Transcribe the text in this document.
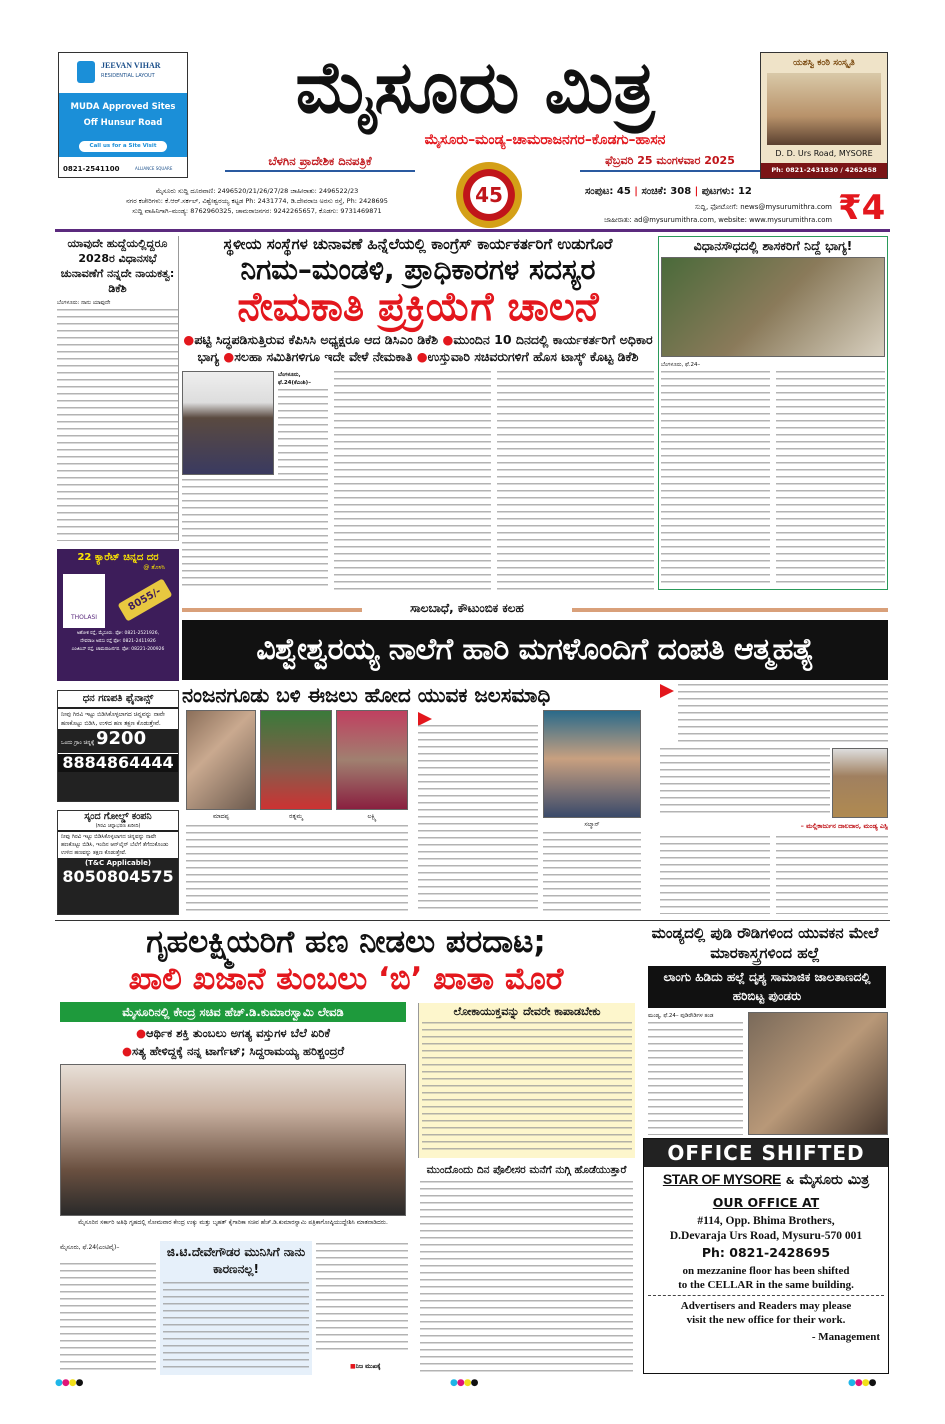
JEEVAN VIHAR
RESIDENTIAL LAYOUT
MUDA Approved Sites
Off Hunsur Road
Call us for a Site Visit
0821-2541100	ALLIANCE SQUARE
ಮೈಸೂರು ಮಿತ್ರ
ಮೈಸೂರು–ಮಂಡ್ಯ–ಚಾಮರಾಜನಗರ–ಕೊಡಗು–ಹಾಸನ
ಬೆಳಗಿನ ಪ್ರಾದೇಶಿಕ ದಿನಪತ್ರಿಕೆ	ಫೆಬ್ರವರಿ 25 ಮಂಗಳವಾರ 2025
45
ಯಶಸ್ವಿ ಕಂಠಿ ಸಂಸ್ಕೃತಿ
D. D. Urs Road, MYSORE
Ph: 0821-2431830 / 4262458
ಮೈಸೂರು ಸುದ್ದಿ ದೂರವಾಣಿ: 2496520/21/26/27/28 ಜಾಹೀರಾತು: 2496522/23
ನಗರ ಕಚೇರಿಗಳು: ಕೆ.ಆರ್.ಸರ್ಕಲ್, ವಿಶ್ವೇಶ್ವರಯ್ಯ ಕಟ್ಟಡ Ph: 2431774, ಡಿ.ದೇವರಾಜ ಅರಸು ರಸ್ತೆ, Ph: 2428695
ಸುದ್ದಿ ವಾಹಿನಿಗಾಗಿ–ಮಂಡ್ಯ: 8762960325, ಚಾಮರಾಜನಗರ: 9242265657, ಕೊಡಗು: 9731469871
ಸಂಪುಟ: 45 | ಸಂಚಿಕೆ: 308 | ಪುಟಗಳು: 12
ಸುದ್ದಿ, ಫೋಟೋಗೆ: news@mysurumithra.com
ಜಾಹೀರಾತು: ad@mysurumithra.com, website: www.mysurumithra.com ₹4
ಯಾವುದೇ ಹುದ್ದೆಯಲ್ಲಿದ್ದರೂ 2028ರ ವಿಧಾನಸಭೆ ಚುನಾವಣೆಗೆ ನನ್ನದೇ ನಾಯಕತ್ವ: ಡಿಕೆಶಿ
ಬೆಂಗಳೂರು: ನಾನು ಯಾವುದೇ
22 ಕ್ಯಾರೆಟ್ ಚಿನ್ನದ ದರ
@ ತೊಳಸಿ
THOLASI
8055/-
ಅಶೋಕ ರಸ್ತೆ, ಮೈಸೂರು. ಫೋ: 0821-2521926,
ದೇವರಾಜ ಅರಸು ರಸ್ತೆ ಫೋ: 0821-2411926
ಎಂಜಿಎಸ್ ರಸ್ತೆ, ಚಾಮರಾಜನಗರ. ಫೋ: 08221-200926
ಧನ ಗಣಪತಿ ಫೈನಾನ್ಸ್
ನೀವು ಗಿರವಿ ಇಟ್ಟು ಬಿಡಿಸಿಕೊಳ್ಳಲಾಗದ ಚಿನ್ನವನ್ನು ನಾವೇ ಹಣಕೊಟ್ಟು ಬಿಡಿಸಿ, ಉಳಿದ ಹಣ ತಕ್ಷಣ ಕೊಡುತ್ತೇವೆ.
ಒಂದು ಗ್ರಾಂ ಚಿನ್ನಕ್ಕೆ 9200
8884864444
ಸ್ಕಂದ ಗೋಲ್ಡ್ ಕಂಪನಿ
(ಗಿರವಿ ಚಿನ್ನಾಭರಣ ಖರೀದಿ)
ನೀವು ಗಿರವಿ ಇಟ್ಟು ಬಿಡಿಸಿಕೊಳ್ಳಲಾಗದ ಚಿನ್ನವನ್ನು ನಾವೇ ಹಣಕೊಟ್ಟು ಬಿಡಿಸಿ, ಇಂದಿನ ಆನ್‌ಲೈನ್ ಬೆಲೆಗೆ ತೆಗೆದುಕೊಂಡು ಉಳಿದ ಹಣವನ್ನು ತಕ್ಷಣ ಕೊಡುತ್ತೇವೆ.
(T&C Applicable)
8050804575
ಸ್ಥಳೀಯ ಸಂಸ್ಥೆಗಳ ಚುನಾವಣೆ ಹಿನ್ನೆಲೆಯಲ್ಲಿ ಕಾಂಗ್ರೆಸ್ ಕಾರ್ಯಕರ್ತರಿಗೆ ಉಡುಗೊರೆ
ನಿಗಮ–ಮಂಡಳಿ, ಪ್ರಾಧಿಕಾರಗಳ ಸದಸ್ಯರ
ನೇಮಕಾತಿ ಪ್ರಕ್ರಿಯೆಗೆ ಚಾಲನೆ
●ಪಟ್ಟಿ ಸಿದ್ಧಪಡಿಸುತ್ತಿರುವ ಕೆಪಿಸಿಸಿ ಅಧ್ಯಕ್ಷರೂ ಆದ ಡಿಸಿಎಂ ಡಿಕೆಶಿ ●ಮುಂದಿನ 10 ದಿನದಲ್ಲಿ ಕಾರ್ಯಕರ್ತರಿಗೆ ಅಧಿಕಾರ ಭಾಗ್ಯ ●ಸಲಹಾ ಸಮಿತಿಗಳಿಗೂ ಇದೇ ವೇಳೆ ನೇಮಕಾತಿ ●ಉಸ್ತುವಾರಿ ಸಚಿವರುಗಳಿಗೆ ಹೊಸ ಟಾಸ್ಕ್ ಕೊಟ್ಟ ಡಿಕೆಶಿ
ಬೆಂಗಳೂರು, ಫೆ.24(ಕೆಎಂಶಿ)–
ವಿಧಾನಸೌಧದಲ್ಲಿ ಶಾಸಕರಿಗೆ ನಿದ್ದೆ ಭಾಗ್ಯ!
ಬೆಂಗಳೂರು, ಫೆ.24–
ಸಾಲಬಾಧೆ, ಕೌಟುಂಬಿಕ ಕಲಹ
ವಿಶ್ವೇಶ್ವರಯ್ಯ ನಾಲೆಗೆ ಹಾರಿ ಮಗಳೊಂದಿಗೆ ದಂಪತಿ ಆತ್ಮಹತ್ಯೆ
ನಂಜನಗೂಡು ಬಳಿ ಈಜಲು ಹೋದ ಯುವಕ ಜಲಸಮಾಧಿ
ಮಾದಪ್ಪ	ರತ್ನಮ್ಮ	ಲಕ್ಷ್ಮಿ
ಸಲ್ಮಾನ್	– ಮಲ್ಲಿಕಾರ್ಜುನ ದಾಲದಾರ, ಮಂಡ್ಯ ಎಸ್ಪಿ
ಗೃಹಲಕ್ಷ್ಮಿಯರಿಗೆ ಹಣ ನೀಡಲು ಪರದಾಟ;
ಖಾಲಿ ಖಜಾನೆ ತುಂಬಲು ‘ಬಿ’ ಖಾತಾ ಮೊರೆ
ಮೈಸೂರಿನಲ್ಲಿ ಕೇಂದ್ರ ಸಚಿವ ಹೆಚ್.ಡಿ.ಕುಮಾರಸ್ವಾಮಿ ಲೇವಡಿ
●ಆರ್ಥಿಕ ಶಕ್ತಿ ತುಂಬಲು ಅಗತ್ಯ ವಸ್ತುಗಳ ಬೆಲೆ ಏರಿಕೆ
●ಸತ್ಯ ಹೇಳಿದ್ದಕ್ಕೆ ನನ್ನ ಟಾರ್ಗೆಟ್; ಸಿದ್ದರಾಮಯ್ಯ ಹರಿಶ್ಚಂದ್ರರೆ
ಮೈಸೂರಿನ ಸರ್ಕಾರಿ ಅತಿಥಿ ಗೃಹದಲ್ಲಿ ಸೋಮವಾರ ಕೇಂದ್ರ ಉಕ್ಕು ಮತ್ತು ಬೃಹತ್ ಕೈಗಾರಿಕಾ ಸಚಿವ ಹೆಚ್.ಡಿ.ಕುಮಾರಸ್ವಾಮಿ ಪತ್ರಿಕಾಗೋಷ್ಠಿಯುದ್ದೇಶಿಸಿ ಮಾತನಾಡಿದರು.
ಮೈಸೂರು, ಫೆ.24(ಎಂಟಿವೈ)–	ಜಿ.ಟಿ.ದೇವೇಗೌಡರ ಮುನಿಸಿಗೆ ನಾನು ಕಾರಣನಲ್ಲ!
■ನಿಜ ಮುಖಕ್ಕೆ
ಲೋಕಾಯುಕ್ತವನ್ನು ದೇವರೇ ಕಾಪಾಡಬೇಕು
ಮುಂದೊಂದು ದಿನ ಪೊಲೀಸರ ಮನೆಗೆ ನುಗ್ಗಿ ಹೊಡೆಯುತ್ತಾರೆ
ಮಂಡ್ಯದಲ್ಲಿ ಪುಡಿ ರೌಡಿಗಳಿಂದ ಯುವಕನ ಮೇಲೆ ಮಾರಕಾಸ್ತ್ರಗಳಿಂದ ಹಲ್ಲೆ
ಲಾಂಗು ಹಿಡಿದು ಹಲ್ಲೆ ದೃಶ್ಯ ಸಾಮಾಜಿಕ ಜಾಲತಾಣದಲ್ಲಿ ಹರಿಬಿಟ್ಟ ಪುಂಡರು
ಮಂಡ್ಯ, ಫೆ.24– ಪುಡಿರೌಡಿಗಳ ತಂಡ
OFFICE SHIFTED
STAR OF MYSORE & ಮೈಸೂರು ಮಿತ್ರ
OUR OFFICE AT
#114, Opp. Bhima Brothers,
D.Devaraja Urs Road, Mysuru-570 001
Ph: 0821-2428695
on mezzanine floor has been shifted
to the CELLAR in the same building.
Advertisers and Readers may please
visit the new office for their work.
- Management
●●●●	●●●●	●●●●
